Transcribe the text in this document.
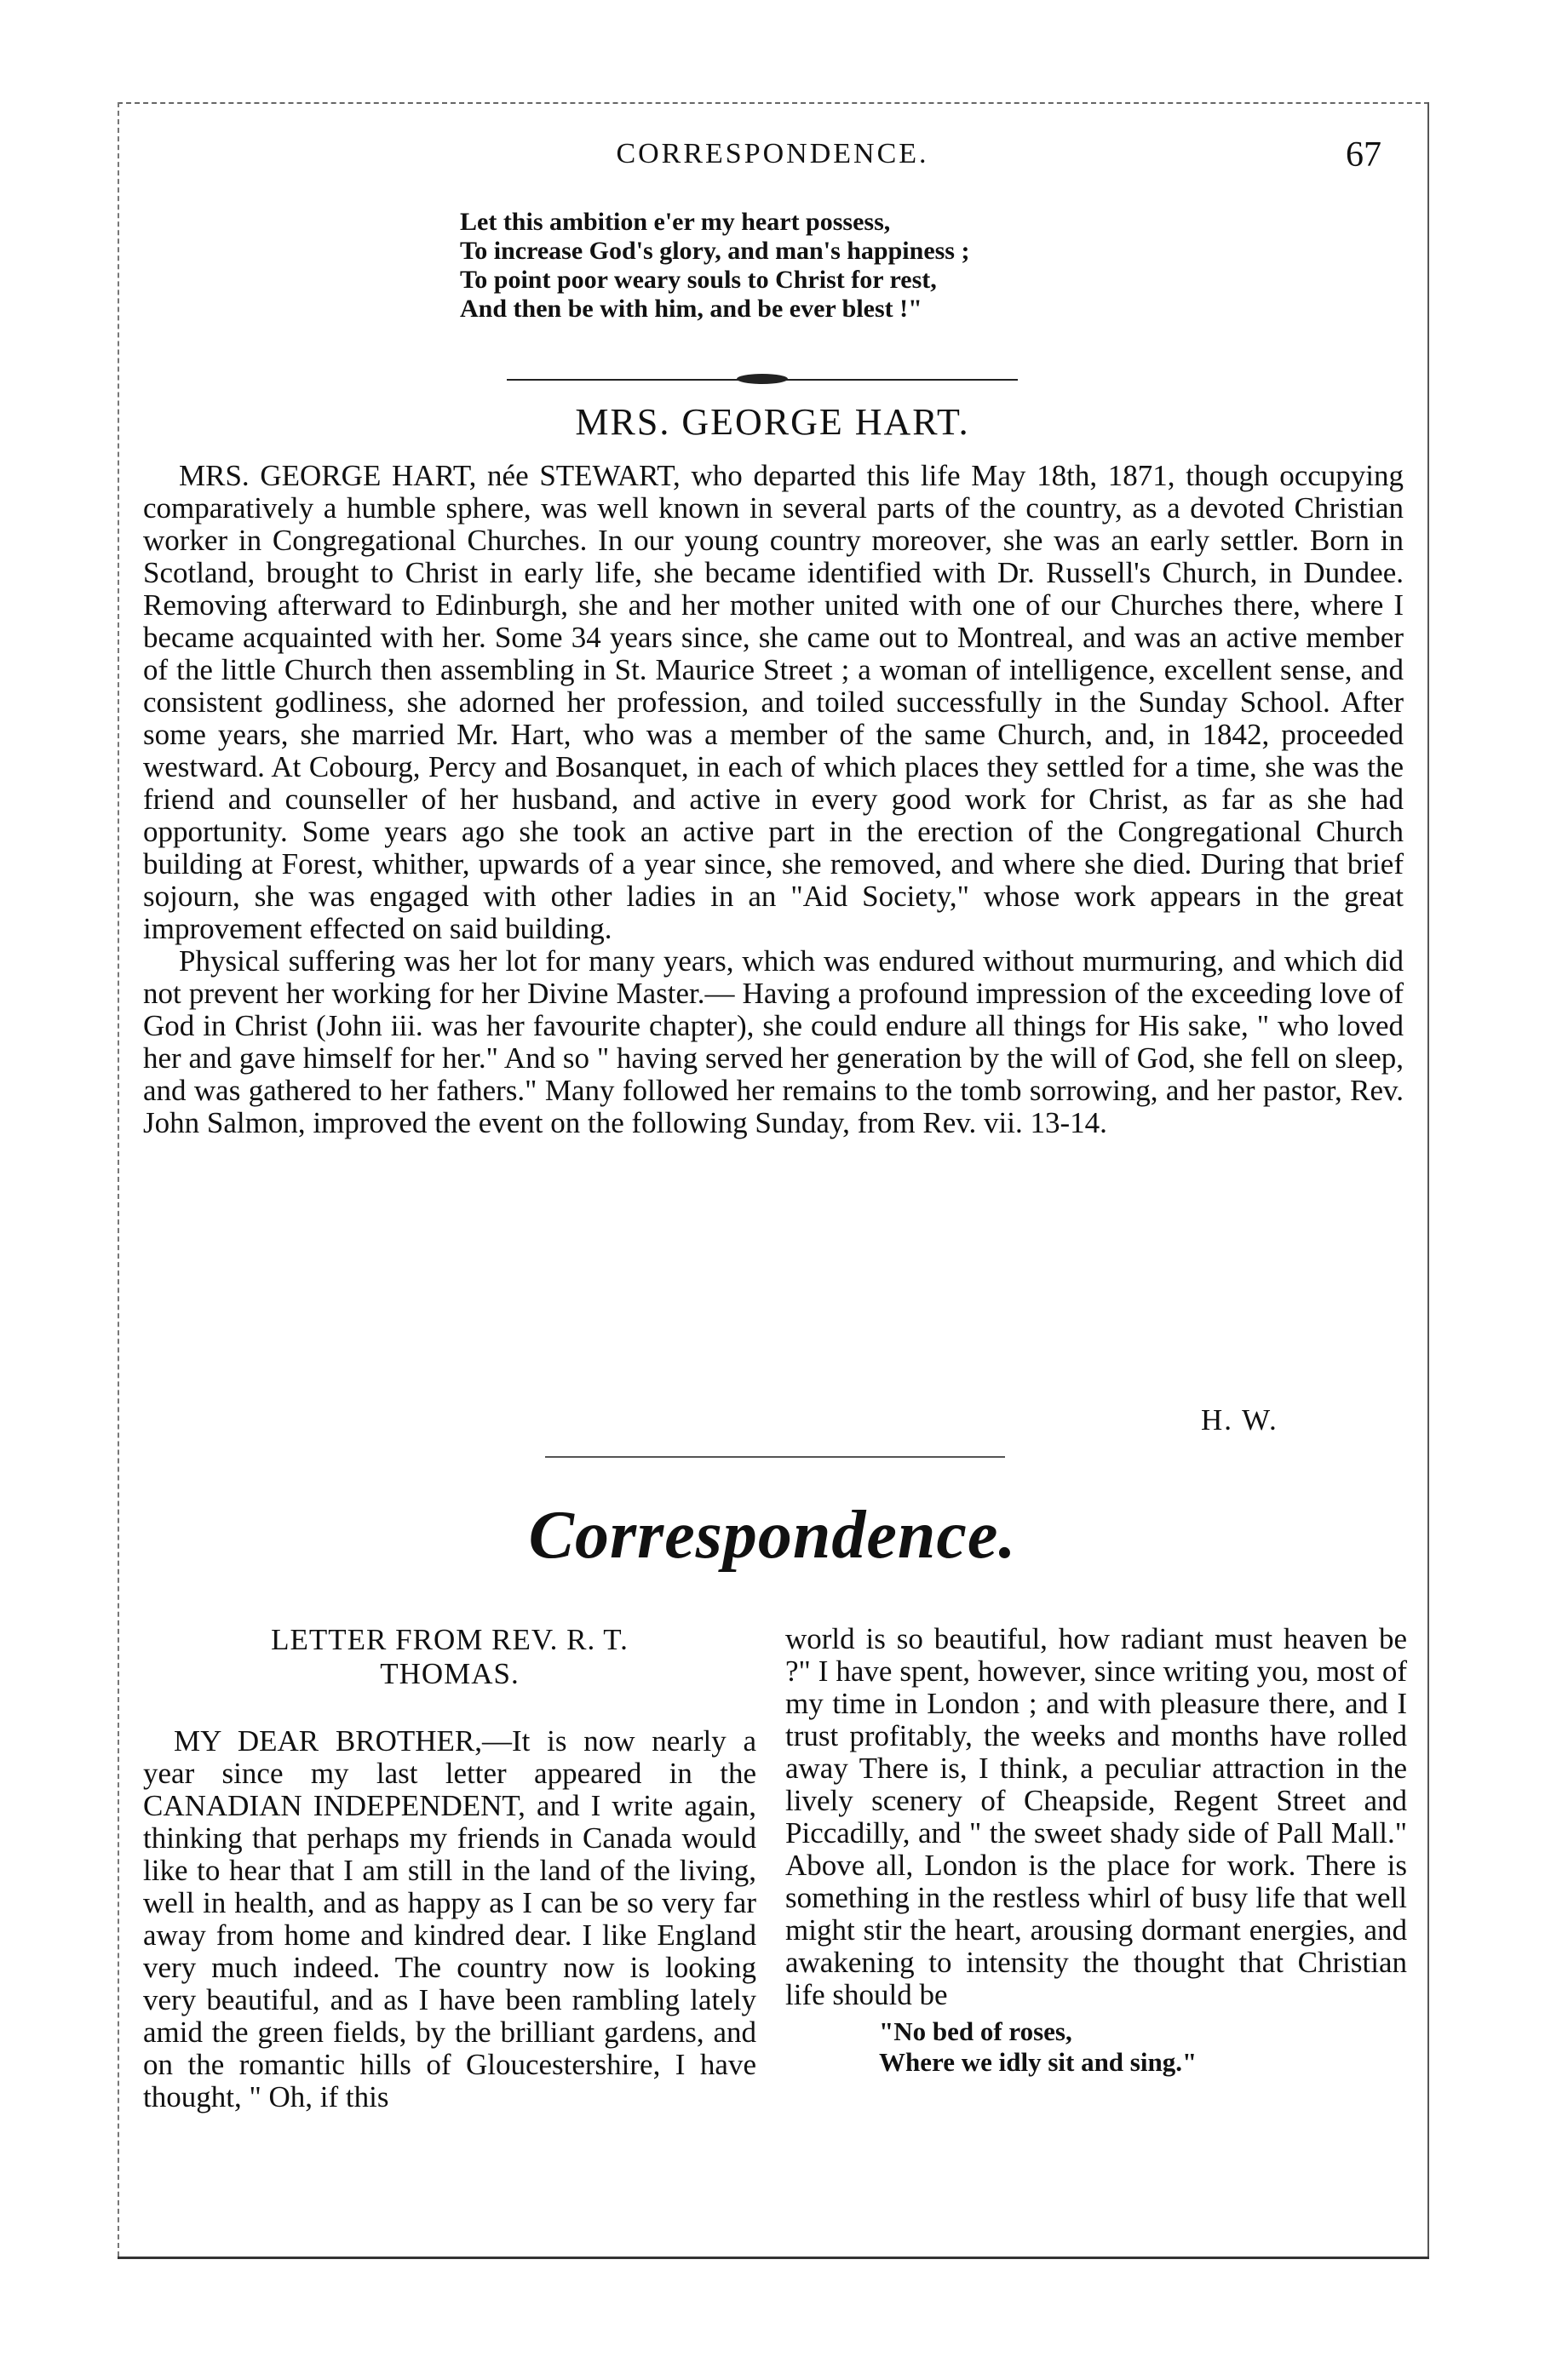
CORRESPONDENCE.	67
Let this ambition e'er my heart possess,
To increase God's glory, and man's happiness ;
To point poor weary souls to Christ for rest,
And then be with him, and be ever blest !"
MRS. GEORGE HART.

MRS. GEORGE HART, née STEWART, who departed this life May 18th, 1871, though occupying comparatively a humble sphere, was well known in several parts of the country, as a devoted Christian worker in Congregational Churches. In our young country moreover, she was an early settler. Born in Scotland, brought to Christ in early life, she became identified with Dr. Russell's Church, in Dundee. Removing afterward to Edinburgh, she and her mother united with one of our Churches there, where I became acquainted with her. Some 34 years since, she came out to Montreal, and was an active member of the little Church then assembling in St. Maurice Street ; a woman of intelligence, excellent sense, and consistent godliness, she adorned her profession, and toiled successfully in the Sunday School. After some years, she married Mr. Hart, who was a member of the same Church, and, in 1842, proceeded westward. At Cobourg, Percy and Bosanquet, in each of which places they settled for a time, she was the friend and counseller of her husband, and active in every good work for Christ, as far as she had opportunity. Some years ago she took an active part in the erection of the Congregational Church building at Forest, whither, upwards of a year since, she removed, and where she died. During that brief sojourn, she was engaged with other ladies in an "Aid Society," whose work appears in the great improvement effected on said building.

Physical suffering was her lot for many years, which was endured without murmuring, and which did not prevent her working for her Divine Master.— Having a profound impression of the exceeding love of God in Christ (John iii. was her favourite chapter), she could endure all things for His sake, " who loved her and gave himself for her." And so " having served her generation by the will of God, she fell on sleep, and was gathered to her fathers." Many followed her remains to the tomb sorrowing, and her pastor, Rev. John Salmon, improved the event on the following Sunday, from Rev. vii. 13-14.

H. W.
Correspondence.
LETTER FROM REV. R. T.
THOMAS.

MY DEAR BROTHER,—It is now nearly a year since my last letter appeared in the CANADIAN INDEPENDENT, and I write again, thinking that perhaps my friends in Canada would like to hear that I am still in the land of the living, well in health, and as happy as I can be so very far away from home and kindred dear. I like England very much indeed. The country now is looking very beautiful, and as I have been rambling lately amid the green fields, by the brilliant gardens, and on the romantic hills of Gloucestershire, I have thought, " Oh, if this

world is so beautiful, how radiant must heaven be ?" I have spent, however, since writing you, most of my time in London ; and with pleasure there, and I trust profitably, the weeks and months have rolled away There is, I think, a peculiar attraction in the lively scenery of Cheapside, Regent Street and Piccadilly, and " the sweet shady side of Pall Mall." Above all, London is the place for work. There is something in the restless whirl of busy life that well might stir the heart, arousing dormant energies, and awakening to intensity the thought that Christian life should be

"No bed of roses,
Where we idly sit and sing."
